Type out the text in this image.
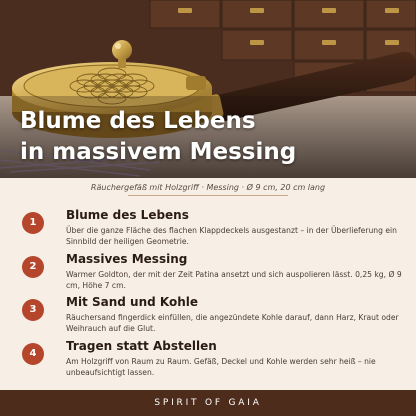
Blume des Lebens
in massivem Messing
Räuchergefäß mit Holzgriff · Messing · Ø 9 cm, 20 cm lang
1
Blume des Lebens

Über die ganze Fläche des flachen Klappdeckels ausgestanzt – in der Überlieferung ein Sinnbild der heiligen Geometrie.

2
Massives Messing

Warmer Goldton, der mit der Zeit Patina ansetzt und sich auspolieren lässt. 0,25 kg, Ø 9 cm, Höhe 7 cm.

3
Mit Sand und Kohle

Räuchersand fingerdick einfüllen, die angezündete Kohle darauf, dann Harz, Kraut oder Weihrauch auf die Glut.

4
Tragen statt Abstellen

Am Holzgriff von Raum zu Raum. Gefäß, Deckel und Kohle werden sehr heiß – nie unbeaufsichtigt lassen.

SPIRIT OF GAIA
